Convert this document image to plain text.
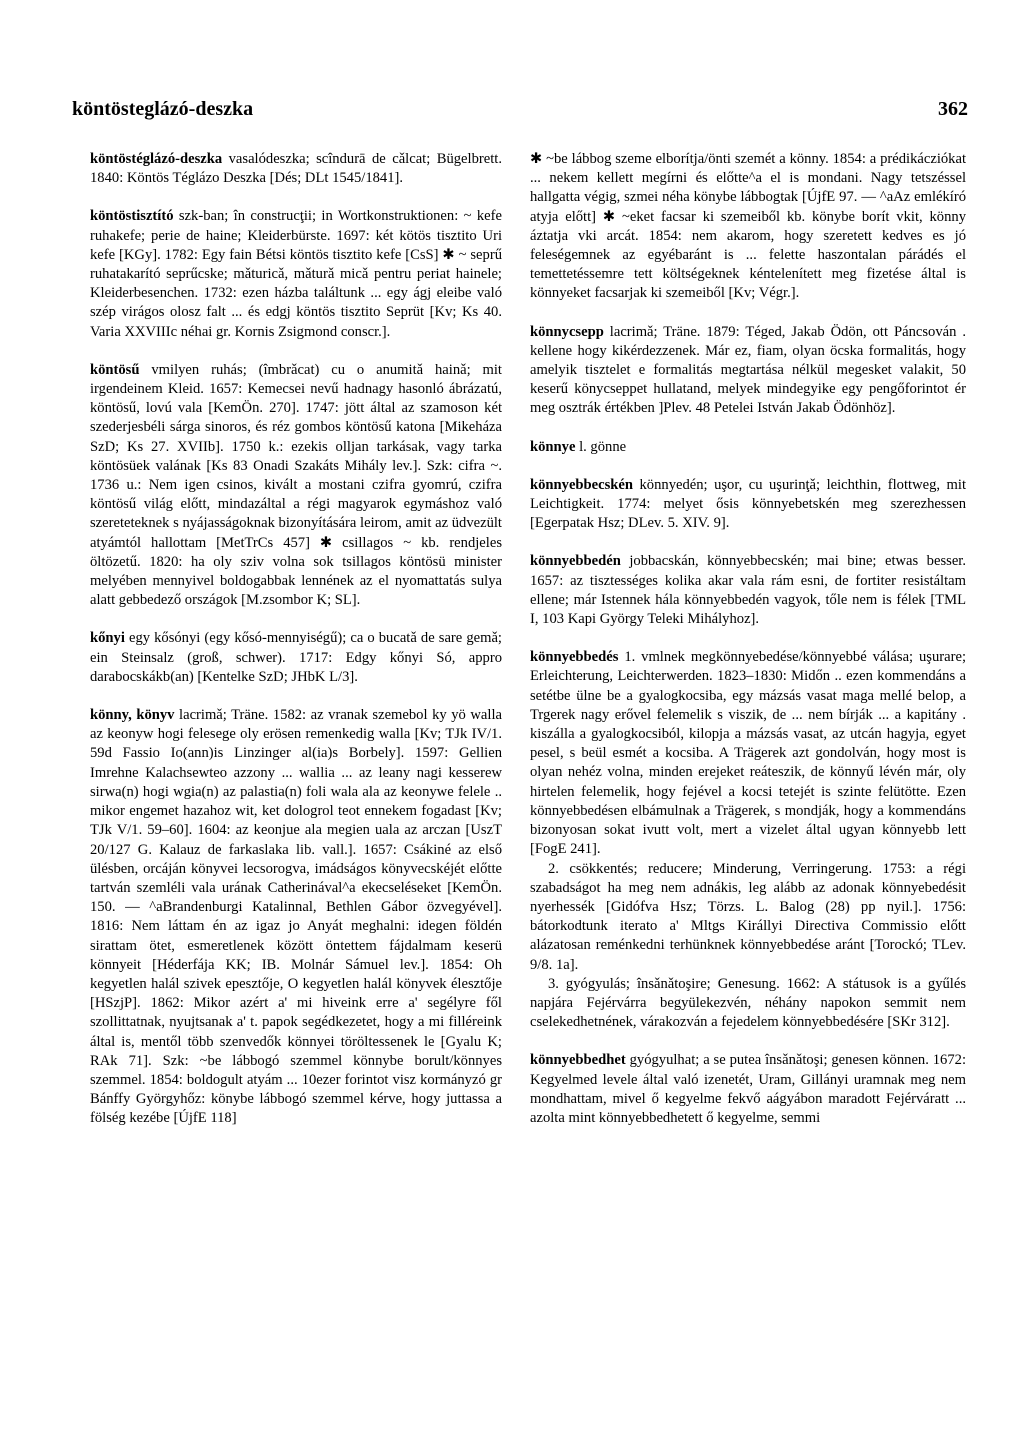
köntösteglázó-deszka	362

köntöstéglázó-deszka vasalódeszka; scîndurā de cǎlcat; Bügelbrett. 1840: Köntös Téglázo Deszka [Dés; DLt 1545/1841].

köntöstisztító szk-ban; în construcţii; in Wortkonstruktionen: ~ kefe ruhakefe; perie de haine; Kleiderbürste. 1697: két kötös tisztito Uri kefe [KGy]. 1782: Egy fain Bétsi köntös tisztito kefe [CsS] ✱ ~ seprű ruhatakarító seprűcske; mǎturicǎ, mǎturǎ micǎ pentru periat hainele; Kleiderbesenchen. 1732: ezen házba találtunk ... egy ágj eleibe való szép virágos olosz falt ... és edgj köntös tisztito Seprüt [Kv; Ks 40. Varia XXVIIIc néhai gr. Kornis Zsigmond conscr.].

köntösű vmilyen ruhás; (îmbrǎcat) cu o anumitǎ hainǎ; mit irgendeinem Kleid. 1657: Kemecsei nevű hadnagy hasonló ábrázatú, köntösű, lovú vala [KemÖn. 270]. 1747: jött által az szamoson két szederjesbéli sárga sinoros, és réz gombos köntösű katona [Mikeháza SzD; Ks 27. XVIIb]. 1750 k.: ezekis olljan tarkásak, vagy tarka köntösüek valának [Ks 83 Onadi Szakáts Mihály lev.]. Szk: cifra ~. 1736 u.: Nem igen csinos, kivált a mostani czifra gyomrú, czifra köntösű világ előtt, mindazáltal a régi magyarok egymáshoz való szereteteknek s nyájasságoknak bizonyítására leirom, amit az üdvezült atyámtól hallottam [MetTrCs 457] ✱ csillagos ~ kb. rendjeles öltözetű. 1820: ha oly sziv volna sok tsillagos köntösü minister melyében mennyivel boldogabbak lennének az el nyomattatás sulya alatt gebbedező országok [M.zsombor K; SL].

kőnyi egy kősónyi (egy kősó-mennyiségű); ca o bucatǎ de sare gemǎ; ein Steinsalz (groß, schwer). 1717: Edgy kőnyi Só, appro darabocskákb(an) [Kentelke SzD; JHbK L/3].

könny, könyv lacrimǎ; Träne. 1582: az vranak szemebol ky yö walla az keonyw hogi felesege oly erösen remenkedig walla [Kv; TJk IV/1. 59d Fassio Io(ann)is Linzinger al(ia)s Borbely]. 1597: Gellien Imrehne Kalachsewteo azzony ... wallia ... az leany nagi kesserew sirwa(n) hogi wgia(n) az palastia(n) foli wala ala az keonywe felele .. mikor engemet hazahoz wit, ket dologrol teot ennekem fogadast [Kv; TJk V/1. 59–60]. 1604: az keonjue ala megien uala az arczan [UszT 20/127 G. Kalauz de farkaslaka lib. vall.]. 1657: Csákiné az első ülésben, orcáján könyvei lecsorogva, imádságos könyvecskéjét előtte tartván szemléli vala urának Catherinával^a ekecseléseket [KemÖn. 150. — ^aBrandenburgi Katalinnal, Bethlen Gábor özvegyével]. 1816: Nem láttam én az igaz jo Anyát meghalni: idegen földén sirattam ötet, esmeretlenek között öntettem fájdalmam keserü könnyeit [Héderfája KK; IB. Molnár Sámuel lev.]. 1854: Oh kegyetlen halál szivek epesztője, O kegyetlen halál könyvek élesztője [HSzjP]. 1862: Mikor azért a' mi hiveink erre a' segélyre fől szollittatnak, nyujtsanak a' t. papok segédkezetet, hogy a mi filléreink által is, mentől több szenvedők könnyei töröltessenek le [Gyalu K; RAk 71]. Szk: ~be lábbogó szemmel könnybe borult/könnyes szemmel. 1854: boldogult atyám ... 10ezer forintot visz kormányzó gr Bánffy Györgyhőz: könybe lábbogó szemmel kérve, hogy juttassa a fölség kezébe [ÚjfE 118]

✱ ~be lábbog szeme elborítja/önti szemét a könny. 1854: a prédikácziókat ... nekem kellett megírni és előtte^a el is mondani. Nagy tetszéssel hallgatta végig, szmei néha könybe lábbogtak [ÚjfE 97. — ^aAz emlékíró atyja előtt] ✱ ~eket facsar ki szemeiből kb. könybe borít vkit, könny áztatja vki arcát. 1854: nem akarom, hogy szeretett kedves es jó feleségemnek az egyébaránt is ... felette haszontalan párádés el temettetéssemre tett költségeknek kéntelenített meg fizetése által is könnyeket facsarjak ki szemeiből [Kv; Végr.].

könnycsepp lacrimǎ; Träne. 1879: Téged, Jakab Ödön, ott Páncsován . kellene hogy kikérdezzenek. Már ez, fiam, olyan öcska formalitás, hogy amelyik tisztelet e formalitás megtartása nélkül megesket valakit, 50 keserű könycseppet hullatand, melyek mindegyike egy pengőforintot ér meg osztrák értékben ]Plev. 48 Petelei István Jakab Ödönhöz].

könnye l. gönne

könnyebbecskén könnyedén; uşor, cu uşurinţǎ; leichthin, flottweg, mit Leichtigkeit. 1774: melyet ősis könnyebetskén meg szerezhessen [Egerpatak Hsz; DLev. 5. XIV. 9].

könnyebbedén jobbacskán, könnyebbecskén; mai bine; etwas besser. 1657: az tisztességes kolika akar vala rám esni, de fortiter resistáltam ellene; már Istennek hála könnyebbedén vagyok, tőle nem is félek [TML I, 103 Kapi György Teleki Mihályhoz].

könnyebbedés 1. vmlnek megkönnyebedése/könnyebbé válása; uşurare; Erleichterung, Leichterwerden. 1823–1830: Midőn .. ezen kommendáns a setétbe ülne be a gyalogkocsiba, egy mázsás vasat maga mellé belop, a Trgerek nagy erővel felemelik s viszik, de ... nem bírják ... a kapitány . kiszálla a gyalogkocsiból, kilopja a mázsás vasat, az utcán hagyja, egyet pesel, s beül esmét a kocsiba. A Trägerek azt gondolván, hogy most is olyan nehéz volna, minden erejeket reáteszik, de könnyű lévén már, oly hirtelen felemelik, hogy fejével a kocsi tetejét is szinte felütötte. Ezen könnyebbedésen elbámulnak a Trägerek, s mondják, hogy a kommendáns bizonyosan sokat ivutt volt, mert a vizelet által ugyan könnyebb lett [FogE 241].

2. csökkentés; reducere; Minderung, Verringerung. 1753: a régi szabadságot ha meg nem adnákis, leg alább az adonak könnyebedésit nyerhessék [Gidófva Hsz; Törzs. L. Balog (28) pp nyil.]. 1756: bátorkodtunk iterato a' Mltgs Királlyi Directiva Commissio előtt alázatosan reménkedni terhünknek könnyebbedése aránt [Torockó; TLev. 9/8. 1a].

3. gyógyulás; însǎnǎtoşire; Genesung. 1662: A státusok is a gyűlés napjára Fejérvárra begyülekezvén, néhány napokon semmit nem cselekedhetnének, várakozván a fejedelem könnyebbedésére [SKr 312].

könnyebbedhet gyógyulhat; a se putea însǎnǎtoşi; genesen können. 1672: Kegyelmed levele által való izenetét, Uram, Gillányi uramnak meg nem mondhattam, mivel ő kegyelme fekvő aágyábon maradott Fejérváratt ... azolta mint könnyebbedhetett ő kegyelme, semmi
